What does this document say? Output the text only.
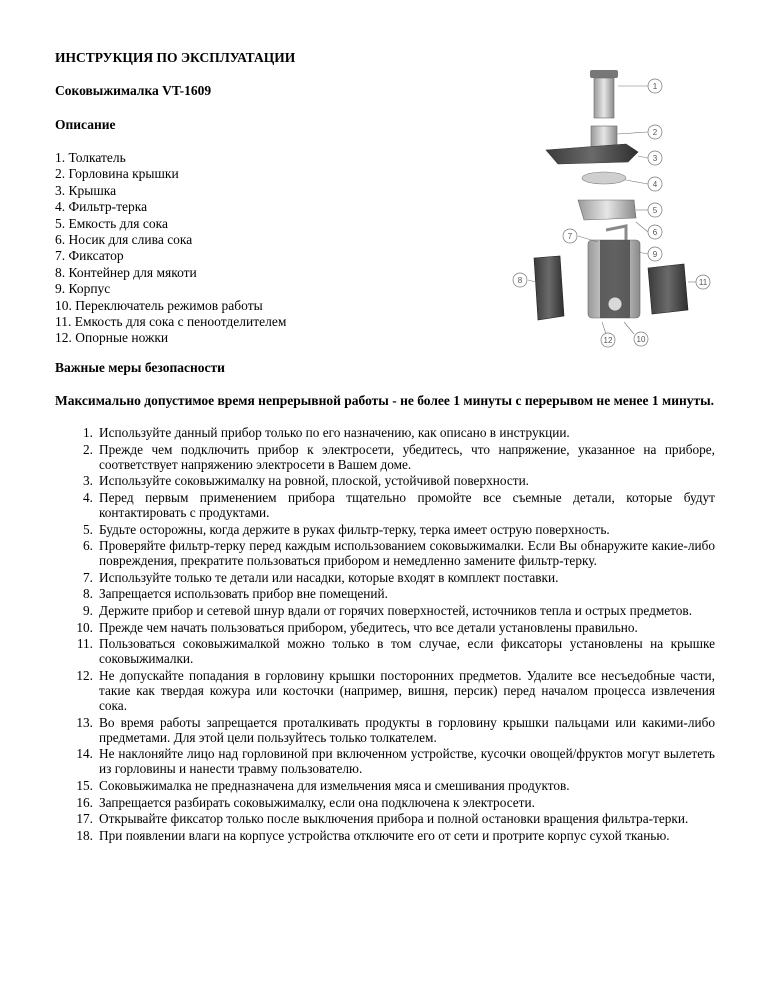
ИНСТРУКЦИЯ ПО ЭКСПЛУАТАЦИИ
Соковыжималка VT-1609
Описание
1. Толкатель
2. Горловина крышки
3. Крышка
4. Фильтр-терка
5. Емкость для сока
6. Носик для слива сока
7. Фиксатор
8. Контейнер для мякоти
9. Корпус
10. Переключатель режимов работы
11. Емкость для сока с пеноотделителем
12. Опорные ножки
Важные меры безопасности
Максимально допустимое время непрерывной работы - не более 1 минуты с перерывом не менее 1 минуты.
1. Используйте данный прибор только по его назначению, как описано в инструкции.
2. Прежде чем подключить прибор к электросети, убедитесь, что напряжение, указанное на приборе, соответствует напряжению электросети в Вашем доме.
3. Используйте соковыжималку на ровной, плоской, устойчивой поверхности.
4. Перед первым применением прибора тщательно промойте все съемные детали, которые будут контактировать с продуктами.
5. Будьте осторожны, когда держите в руках фильтр-терку, терка имеет острую поверхность.
6. Проверяйте фильтр-терку перед каждым использованием соковыжималки. Если Вы обнаружите какие-либо повреждения, прекратите пользоваться прибором и немедленно замените фильтр-терку.
7. Используйте только те детали или насадки, которые входят в комплект поставки.
8. Запрещается использовать прибор вне помещений.
9. Держите прибор и сетевой шнур вдали от горячих поверхностей, источников тепла и острых предметов.
10. Прежде чем начать пользоваться прибором, убедитесь, что все детали установлены правильно.
11. Пользоваться соковыжималкой можно только в том случае, если фиксаторы установлены на крышке соковыжималки.
12. Не допускайте попадания в горловину крышки посторонних предметов. Удалите все несъедобные части, такие как твердая кожура или косточки (например, вишня, персик) перед началом процесса извлечения сока.
13. Во время работы запрещается проталкивать продукты в горловину крышки пальцами или какими-либо предметами. Для этой цели пользуйтесь только толкателем.
14. Не наклоняйте лицо над горловиной при включенном устройстве, кусочки овощей/фруктов могут вылететь из горловины и нанести травму пользователю.
15. Соковыжималка не предназначена для измельчения мяса и смешивания продуктов.
16. Запрещается разбирать соковыжималку, если она подключена к электросети.
17. Открывайте фиксатор только после выключения прибора и полной остановки вращения фильтра-терки.
18. При появлении влаги на корпусе устройства отключите его от сети и протрите корпус сухой тканью.
1
2
3
4
5
6
7
8
9
10
11
12
